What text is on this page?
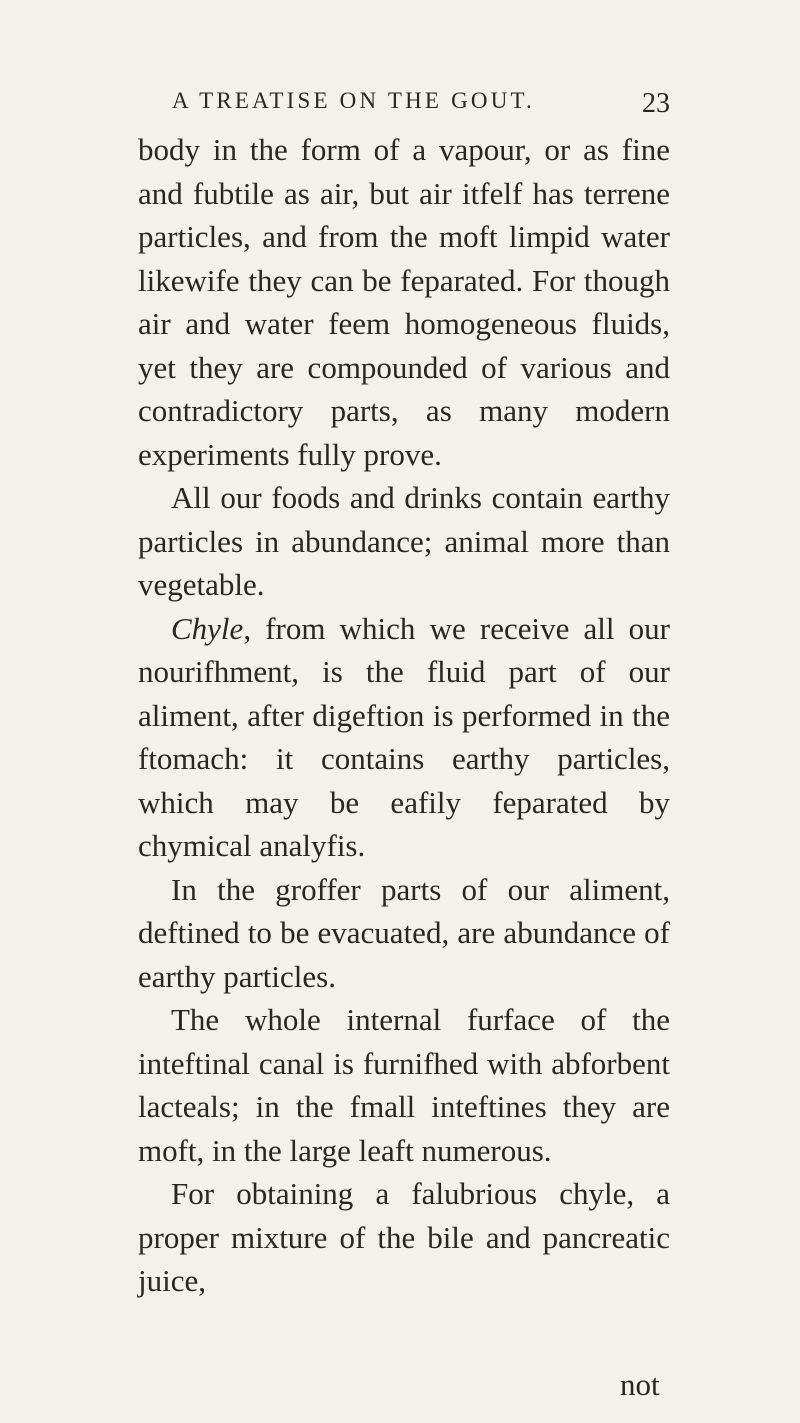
A TREATISE ON THE GOUT.	23

body in the form of a vapour, or as fine and fubtile as air, but air itfelf has terrene particles, and from the moft limpid water likewife they can be feparated. For though air and water feem homogeneous fluids, yet they are compounded of various and contradictory parts, as many modern experiments fully prove.

All our foods and drinks contain earthy particles in abundance; animal more than vegetable.

Chyle, from which we receive all our nourifhment, is the fluid part of our aliment, after digeftion is performed in the ftomach: it contains earthy particles, which may be eafily feparated by chymical analyfis.

In the groffer parts of our aliment, deftined to be evacuated, are abundance of earthy particles.

The whole internal furface of the inteftinal canal is furnifhed with abforbent lacteals; in the fmall inteftines they are moft, in the large leaft numerous.

For obtaining a falubrious chyle, a proper mixture of the bile and pancreatic juice,

not
